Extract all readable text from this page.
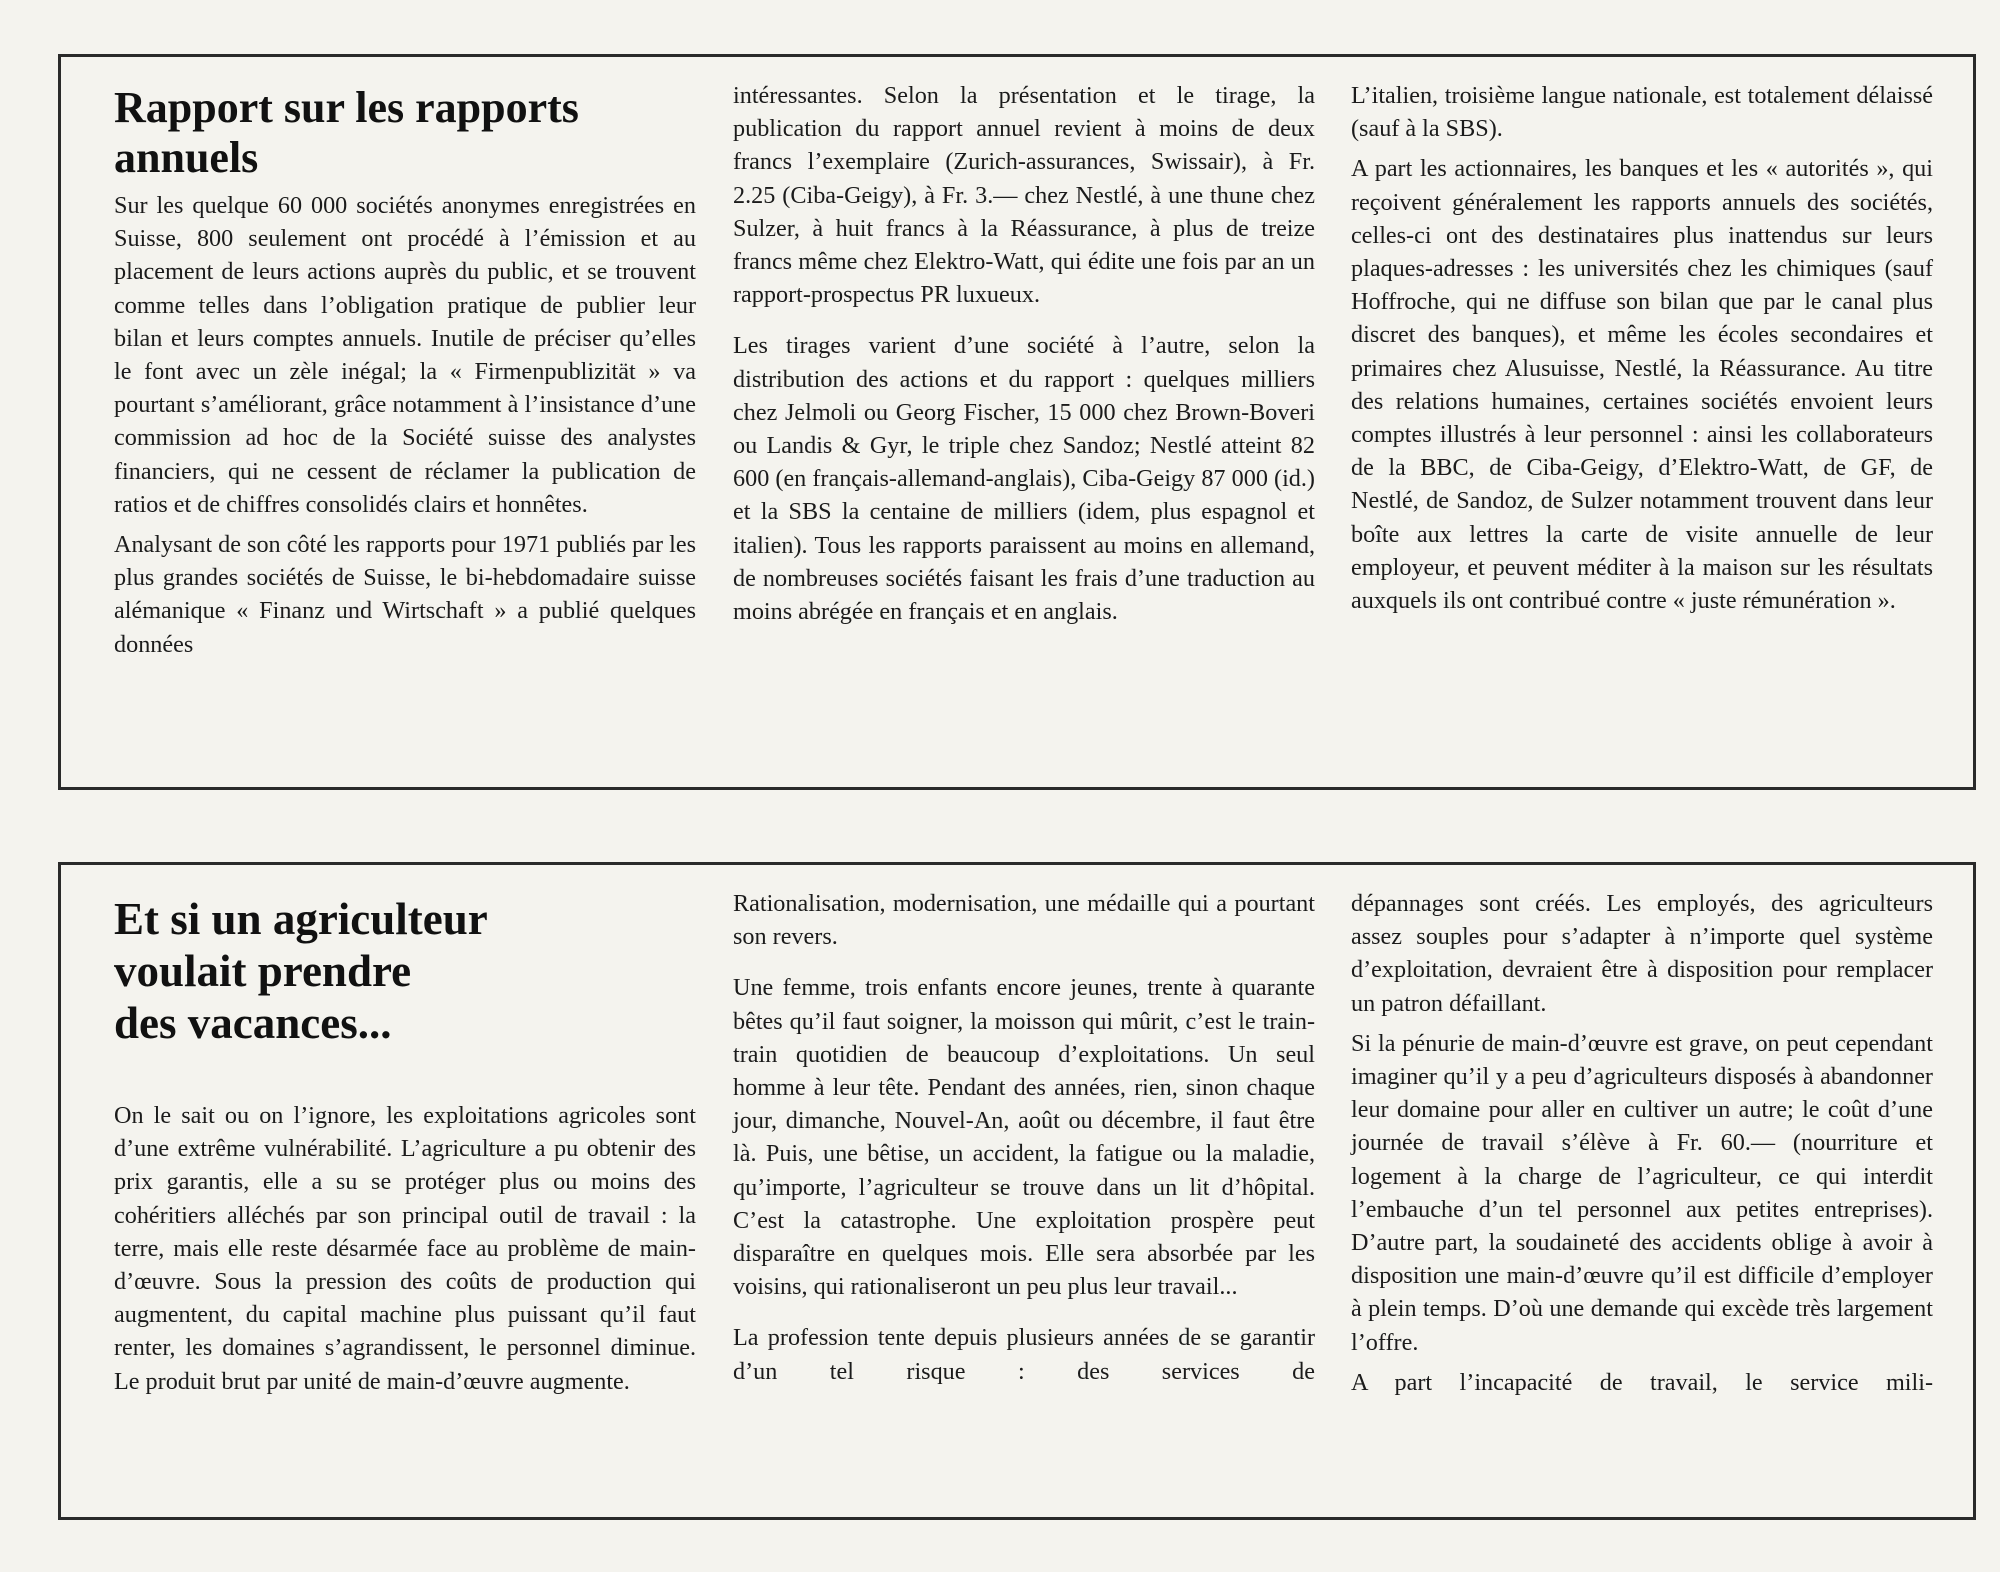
Rapport sur les rapports
annuels

Sur les quelque 60 000 sociétés anonymes enregistrées en Suisse, 800 seulement ont procédé à l’émission et au placement de leurs actions auprès du public, et se trouvent comme telles dans l’obligation pratique de publier leur bilan et leurs comptes annuels. Inutile de préciser qu’elles le font avec un zèle inégal; la « Firmenpublizität » va pourtant s’améliorant, grâce notamment à l’insistance d’une commission ad hoc de la Société suisse des analystes financiers, qui ne cessent de réclamer la publication de ratios et de chiffres consolidés clairs et honnêtes.

Analysant de son côté les rapports pour 1971 publiés par les plus grandes sociétés de Suisse, le bi-hebdomadaire suisse alémanique « Finanz und Wirtschaft » a publié quelques données

intéressantes. Selon la présentation et le tirage, la publication du rapport annuel revient à moins de deux francs l’exemplaire (Zurich-assurances, Swissair), à Fr. 2.25 (Ciba-Geigy), à Fr. 3.— chez Nestlé, à une thune chez Sulzer, à huit francs à la Réassurance, à plus de treize francs même chez Elektro-Watt, qui édite une fois par an un rapport-prospectus PR luxueux.

Les tirages varient d’une société à l’autre, selon la distribution des actions et du rapport : quelques milliers chez Jelmoli ou Georg Fischer, 15 000 chez Brown-Boveri ou Landis & Gyr, le triple chez Sandoz; Nestlé atteint 82 600 (en français-allemand-anglais), Ciba-Geigy 87 000 (id.) et la SBS la centaine de milliers (idem, plus espagnol et italien). Tous les rapports paraissent au moins en allemand, de nombreuses sociétés faisant les frais d’une traduction au moins abrégée en français et en anglais.

L’italien, troisième langue nationale, est totalement délaissé (sauf à la SBS).

A part les actionnaires, les banques et les « autorités », qui reçoivent généralement les rapports annuels des sociétés, celles-ci ont des destinataires plus inattendus sur leurs plaques-adresses : les universités chez les chimiques (sauf Hoffroche, qui ne diffuse son bilan que par le canal plus discret des banques), et même les écoles secondaires et primaires chez Alusuisse, Nestlé, la Réassurance. Au titre des relations humaines, certaines sociétés envoient leurs comptes illustrés à leur personnel : ainsi les collaborateurs de la BBC, de Ciba-Geigy, d’Elektro-Watt, de GF, de Nestlé, de Sandoz, de Sulzer notamment trouvent dans leur boîte aux lettres la carte de visite annuelle de leur employeur, et peuvent méditer à la maison sur les résultats auxquels ils ont contribué contre « juste rémunération ».

Et si un agriculteur
voulait prendre
des vacances...

On le sait ou on l’ignore, les exploitations agricoles sont d’une extrême vulnérabilité. L’agriculture a pu obtenir des prix garantis, elle a su se protéger plus ou moins des cohéritiers alléchés par son principal outil de travail : la terre, mais elle reste désarmée face au problème de main-d’œuvre. Sous la pression des coûts de production qui augmentent, du capital machine plus puissant qu’il faut renter, les domaines s’agrandissent, le personnel diminue. Le produit brut par unité de main-d’œuvre augmente.

Rationalisation, modernisation, une médaille qui a pourtant son revers.

Une femme, trois enfants encore jeunes, trente à quarante bêtes qu’il faut soigner, la moisson qui mûrit, c’est le train-train quotidien de beaucoup d’exploitations. Un seul homme à leur tête. Pendant des années, rien, sinon chaque jour, dimanche, Nouvel-An, août ou décembre, il faut être là. Puis, une bêtise, un accident, la fatigue ou la maladie, qu’importe, l’agriculteur se trouve dans un lit d’hôpital. C’est la catastrophe. Une exploitation prospère peut disparaître en quelques mois. Elle sera absorbée par les voisins, qui rationaliseront un peu plus leur travail...

La profession tente depuis plusieurs années de se garantir d’un tel risque : des services de

dépannages sont créés. Les employés, des agriculteurs assez souples pour s’adapter à n’importe quel système d’exploitation, devraient être à disposition pour remplacer un patron défaillant.

Si la pénurie de main-d’œuvre est grave, on peut cependant imaginer qu’il y a peu d’agriculteurs disposés à abandonner leur domaine pour aller en cultiver un autre; le coût d’une journée de travail s’élève à Fr. 60.— (nourriture et logement à la charge de l’agriculteur, ce qui interdit l’embauche d’un tel personnel aux petites entreprises). D’autre part, la soudaineté des accidents oblige à avoir à disposition une main-d’œuvre qu’il est difficile d’employer à plein temps. D’où une demande qui excède très largement l’offre.

A part l’incapacité de travail, le service mili-
